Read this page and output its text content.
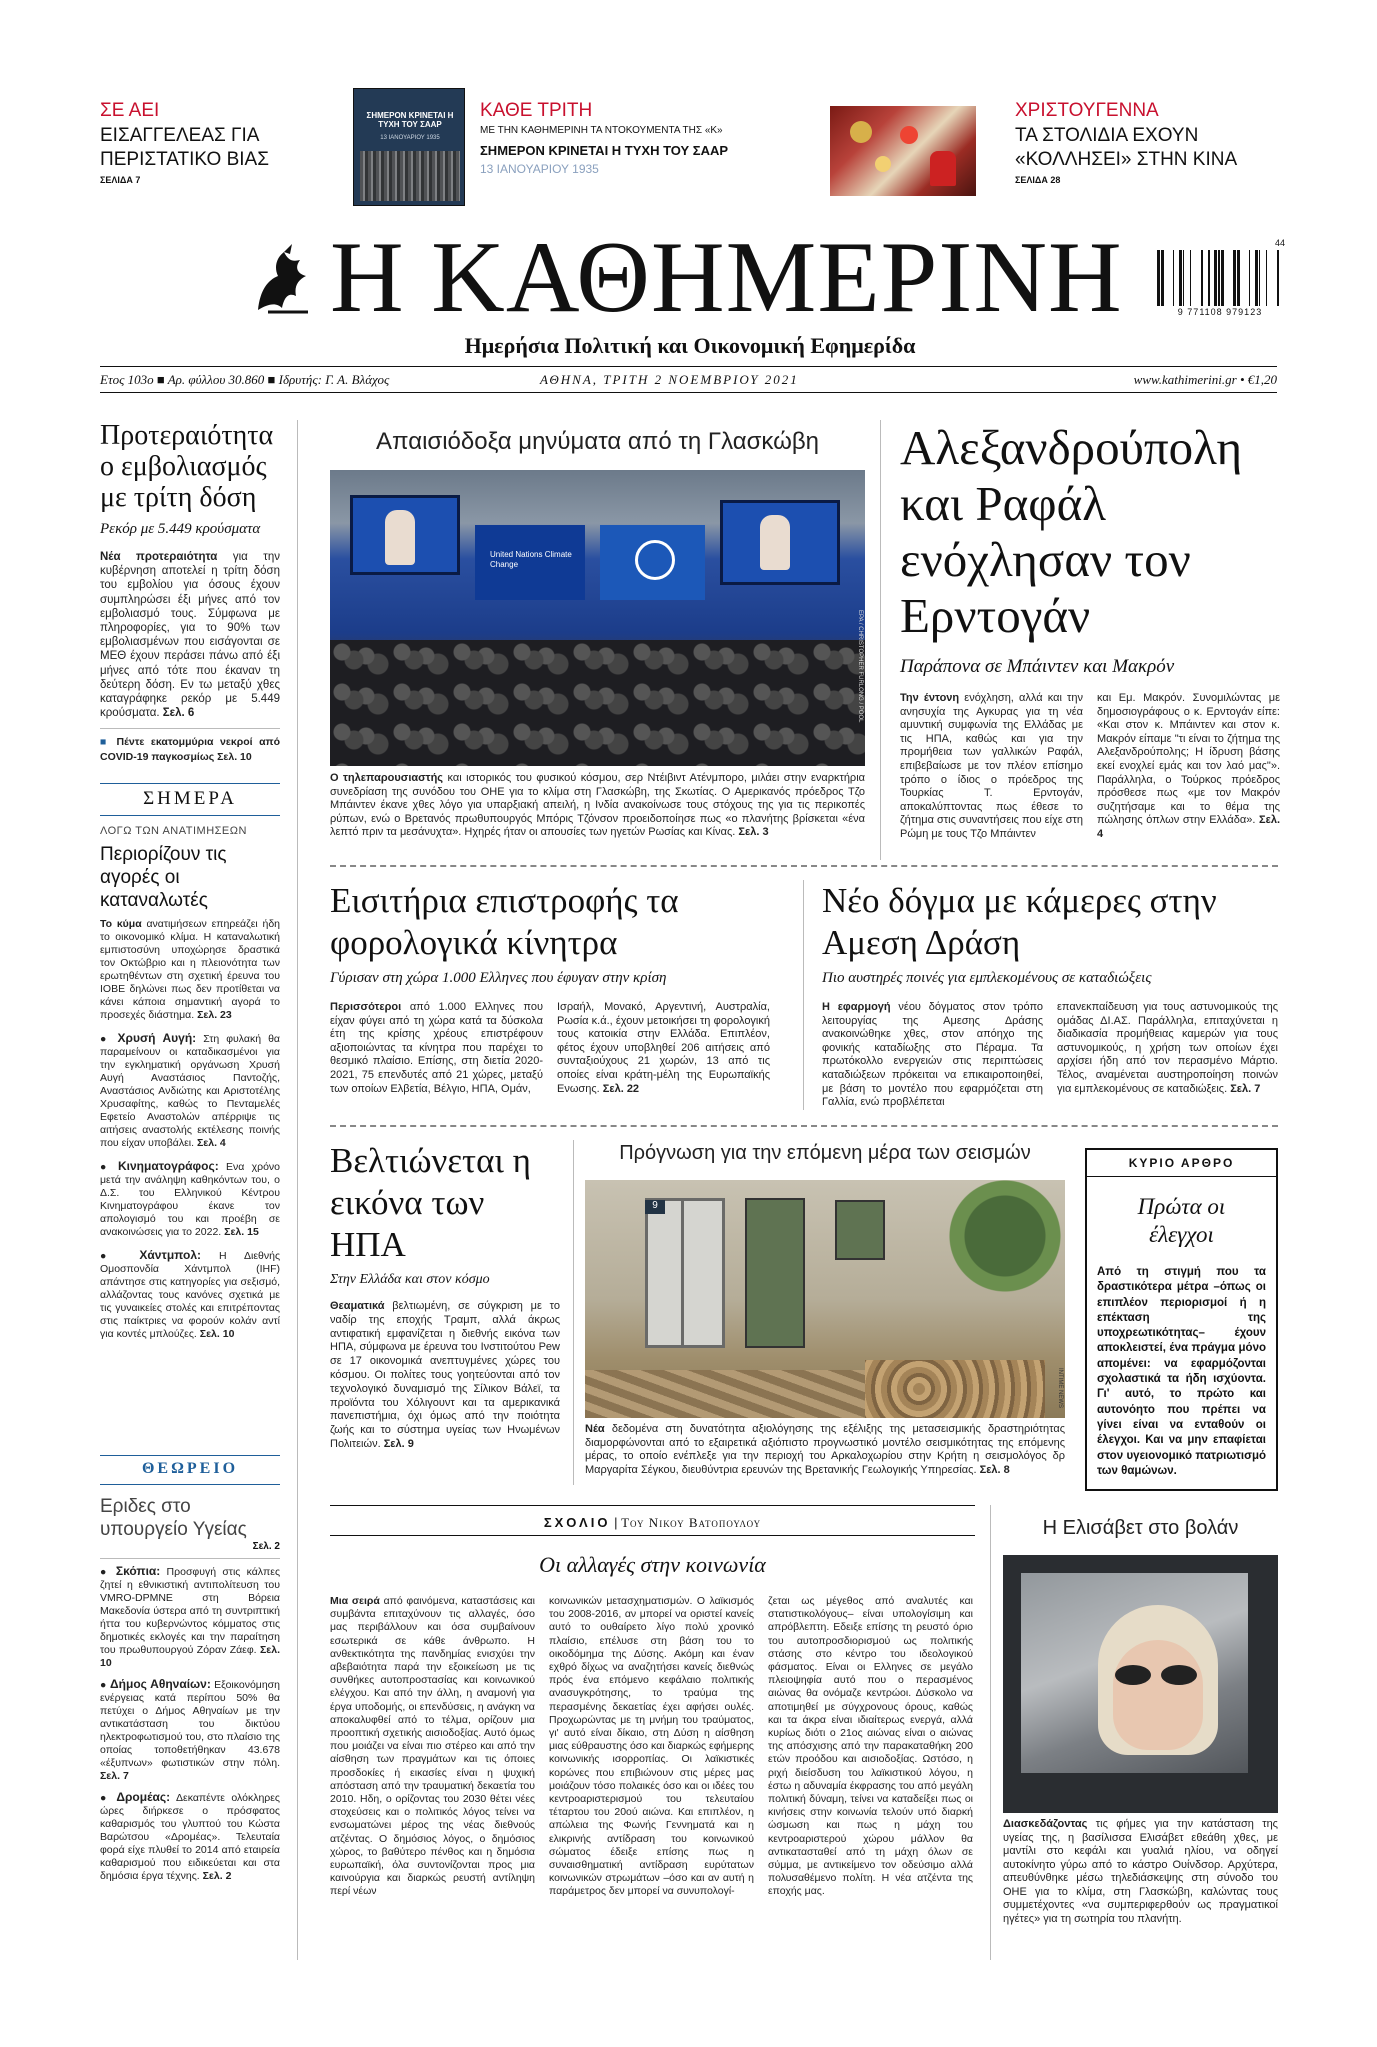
ΣΕ ΑΕΙ
ΕΙΣΑΓΓΕΛΕΑΣ ΓΙΑ ΠΕΡΙΣΤΑΤΙΚΟ ΒΙΑΣ
ΣΕΛΙΔΑ 7
ΣΗΜΕΡΟΝ ΚΡΙΝΕΤΑΙ Η ΤΥΧΗ ΤΟΥ ΣΑΑΡ
13 ΙΑΝΟΥΑΡΙΟΥ 1935
ΚΑΘΕ ΤΡΙΤΗ
ΜΕ ΤΗΝ ΚΑΘΗΜΕΡΙΝΗ ΤΑ ΝΤΟΚΟΥΜΕΝΤΑ ΤΗΣ «Κ»
ΣΗΜΕΡΟΝ ΚΡΙΝΕΤΑΙ Η ΤΥΧΗ ΤΟΥ ΣΑΑΡ
13 ΙΑΝΟΥΑΡΙΟΥ 1935
ΧΡΙΣΤΟΥΓΕΝΝΑ
ΤΑ ΣΤΟΛΙΔΙΑ ΕΧΟΥΝ «ΚΟΛΛΗΣΕΙ» ΣΤΗΝ ΚΙΝΑ
ΣΕΛΙΔΑ 28
Η ΚΑΘΗΜΕΡΙΝΗ	44
9 771108 979123
Ημερήσια Πολιτική και Οικονομική Εφημερίδα
Ετος 103ο ■ Αρ. φύλλου 30.860 ■ Ιδρυτής: Γ. Α. Βλάχος	ΑΘΗΝΑ, ΤΡΙΤΗ 2 ΝΟΕΜΒΡΙΟΥ 2021	www.kathimerini.gr • €1,20
Προτεραιότητα ο εμβολιασμός με τρίτη δόση
Ρεκόρ με 5.449 κρούσματα
Νέα προτεραιότητα για την κυβέρνηση αποτελεί η τρίτη δόση του εμβολίου για όσους έχουν συμπληρώσει έξι μήνες από τον εμβολιασμό τους. Σύμφωνα με πληροφορίες, για το 90% των εμβολιασμένων που εισάγονται σε ΜΕΘ έχουν περάσει πάνω από έξι μήνες από τότε που έκαναν τη δεύτερη δόση. Εν τω μεταξύ χθες καταγράφηκε ρεκόρ με 5.449 κρούσματα. Σελ. 6
■ Πέντε εκατομμύρια νεκροί από COVID-19 παγκοσμίως Σελ. 10
ΣΗΜΕΡΑ
ΛΟΓΩ ΤΩΝ ΑΝΑΤΙΜΗΣΕΩΝ
Περιορίζουν τις αγορές οι καταναλωτές
Το κύμα ανατιμήσεων επηρεάζει ήδη το οικονομικό κλίμα. Η καταναλωτική εμπιστοσύνη υποχώρησε δραστικά τον Οκτώβριο και η πλειονότητα των ερωτηθέντων στη σχετική έρευνα του ΙΟΒΕ δηλώνει πως δεν προτίθεται να κάνει κάποια σημαντική αγορά το προσεχές διάστημα. Σελ. 23
● Χρυσή Αυγή: Στη φυλακή θα παραμείνουν οι καταδικασμένοι για την εγκληματική οργάνωση Χρυσή Αυγή Αναστάσιος Παντοζής, Αναστάσιος Ανδιώτης και Αριστοτέλης Χρυσαφίτης, καθώς το Πενταμελές Εφετείο Αναστολών απέρριψε τις αιτήσεις αναστολής εκτέλεσης ποινής που είχαν υποβάλει. Σελ. 4
● Κινηματογράφος: Ενα χρόνο μετά την ανάληψη καθηκόντων του, ο Δ.Σ. του Ελληνικού Κέντρου Κινηματογράφου έκανε τον απολογισμό του και προέβη σε ανακοινώσεις για το 2022. Σελ. 15
● Χάντμπολ: Η Διεθνής Ομοσπονδία Χάντμπολ (IHF) απάντησε στις κατηγορίες για σεξισμό, αλλάζοντας τους κανόνες σχετικά με τις γυναικείες στολές και επιτρέποντας στις παίκτριες να φορούν κολάν αντί για κοντές μπλούζες. Σελ. 10
ΘΕΩΡΕΙΟ
Εριδες στο υπουργείο Υγείας
Σελ. 2
● Σκόπια: Προσφυγή στις κάλπες ζητεί η εθνικιστική αντιπολίτευση του VMRO-DPMNE στη Βόρεια Μακεδονία ύστερα από τη συντριπτική ήττα του κυβερνώντος κόμματος στις δημοτικές εκλογές και την παραίτηση του πρωθυπουργού Ζόραν Ζάεφ. Σελ. 10
● Δήμος Αθηναίων: Εξοικονόμηση ενέργειας κατά περίπου 50% θα πετύχει ο Δήμος Αθηναίων με την αντικατάσταση του δικτύου ηλεκτροφωτισμού του, στο πλαίσιο της οποίας τοποθετήθηκαν 43.678 «έξυπνων» φωτιστικών στην πόλη. Σελ. 7
● Δρομέας: Δεκαπέντε ολόκληρες ώρες διήρκεσε ο πρόσφατος καθαρισμός του γλυπτού του Κώστα Βαρώτσου «Δρομέας». Τελευταία φορά είχε πλυθεί το 2014 από εταιρεία καθαρισμού που ειδικεύεται και στα δημόσια έργα τέχνης. Σελ. 2
Απαισιόδοξα μηνύματα από τη Γλασκώβη
United Nations Climate Change
EPA / CHRISTOPHER FURLONG / POOL
Ο τηλεπαρουσιαστής και ιστορικός του φυσικού κόσμου, σερ Ντέιβιντ Ατένμπορο, μιλάει στην εναρκτήρια συνεδρίαση της συνόδου του ΟΗΕ για το κλίμα στη Γλασκώβη, της Σκωτίας. Ο Αμερικανός πρόεδρος Τζο Μπάιντεν έκανε χθες λόγο για υπαρξιακή απειλή, η Ινδία ανακοίνωσε τους στόχους της για τις περικοπές ρύπων, ενώ ο Βρετανός πρωθυπουργός Μπόρις Τζόνσον προειδοποίησε πως «ο πλανήτης βρίσκεται «ένα λεπτό πριν τα μεσάνυχτα». Ηχηρές ήταν οι απουσίες των ηγετών Ρωσίας και Κίνας. Σελ. 3
Αλεξανδρούπολη και Ραφάλ ενόχλησαν τον Ερντογάν
Παράπονα σε Μπάιντεν και Μακρόν
Την έντονη ενόχληση, αλλά και την ανησυχία της Αγκυρας για τη νέα αμυντική συμφωνία της Ελλάδας με τις ΗΠΑ, καθώς και για την προμήθεια των γαλλικών Ραφάλ, επιβεβαίωσε με τον πλέον επίσημο τρόπο ο ίδιος ο πρόεδρος της Τουρκίας Τ. Ερντογάν, αποκαλύπτοντας πως έθεσε το ζήτημα στις συναντήσεις που είχε στη Ρώμη με τους Τζο Μπάιντεν
και Εμ. Μακρόν. Συνομιλώντας με δημοσιογράφους ο κ. Ερντογάν είπε: «Και στον κ. Μπάιντεν και στον κ. Μακρόν είπαμε "τι είναι το ζήτημα της Αλεξανδρούπολης; Η ίδρυση βάσης εκεί ενοχλεί εμάς και τον λαό μας"». Παράλληλα, ο Τούρκος πρόεδρος πρόσθεσε πως «με τον Μακρόν συζητήσαμε και το θέμα της πώλησης όπλων στην Ελλάδα». Σελ. 4
Εισιτήρια επιστροφής τα φορολογικά κίνητρα
Γύρισαν στη χώρα 1.000 Ελληνες που έφυγαν στην κρίση
Περισσότεροι από 1.000 Ελληνες που είχαν φύγει από τη χώρα κατά τα δύσκολα έτη της κρίσης χρέους επιστρέφουν αξιοποιώντας τα κίνητρα που παρέχει το θεσμικό πλαίσιο. Επίσης, στη διετία 2020-2021, 75 επενδυτές από 21 χώρες, μεταξύ των οποίων Ελβετία, Βέλγιο, ΗΠΑ, Ομάν,
Ισραήλ, Μονακό, Αργεντινή, Αυστραλία, Ρωσία κ.ά., έχουν μετοικήσει τη φορολογική τους κατοικία στην Ελλάδα. Επιπλέον, φέτος έχουν υποβληθεί 206 αιτήσεις από συνταξιούχους 21 χωρών, 13 από τις οποίες είναι κράτη-μέλη της Ευρωπαϊκής Ενωσης. Σελ. 22
Νέο δόγμα με κάμερες στην Αμεση Δράση
Πιο αυστηρές ποινές για εμπλεκομένους σε καταδιώξεις
Η εφαρμογή νέου δόγματος στον τρόπο λειτουργίας της Αμεσης Δράσης ανακοινώθηκε χθες, στον απόηχο της φονικής καταδίωξης στο Πέραμα. Τα πρωτόκολλο ενεργειών στις περιπτώσεις καταδιώξεων πρόκειται να επικαιροποιηθεί, με βάση το μοντέλο που εφαρμόζεται στη Γαλλία, ενώ προβλέπεται
επανεκπαίδευση για τους αστυνομικούς της ομάδας ΔΙ.ΑΣ. Παράλληλα, επιταχύνεται η διαδικασία προμήθειας καμερών για τους αστυνομικούς, η χρήση των οποίων έχει αρχίσει ήδη από τον περασμένο Μάρτιο. Τέλος, αναμένεται αυστηροποίηση ποινών για εμπλεκομένους σε καταδιώξεις. Σελ. 7
Βελτιώνεται η εικόνα των ΗΠΑ
Στην Ελλάδα και στον κόσμο
Θεαματικά βελτιωμένη, σε σύγκριση με το ναδίρ της εποχής Τραμπ, αλλά άκρως αντιφατική εμφανίζεται η διεθνής εικόνα των ΗΠΑ, σύμφωνα με έρευνα του Ινστιτούτου Pew σε 17 οικονομικά ανεπτυγμένες χώρες του κόσμου. Οι πολίτες τους γοητεύονται από τον τεχνολογικό δυναμισμό της Σίλικον Βάλεϊ, τα προϊόντα του Χόλιγουντ και τα αμερικανικά πανεπιστήμια, όχι όμως από την ποιότητα ζωής και το σύστημα υγείας των Ηνωμένων Πολιτειών. Σελ. 9
Πρόγνωση για την επόμενη μέρα των σεισμών
9
INTIME NEWS
Νέα δεδομένα στη δυνατότητα αξιολόγησης της εξέλιξης της μετασεισμικής δραστηριότητας διαμορφώνονται από το εξαιρετικά αξιόπιστο προγνωστικό μοντέλο σεισμικότητας της επόμενης μέρας, το οποίο ενέπλεξε για την περιοχή του Αρκαλοχωρίου στην Κρήτη η σεισμολόγος δρ Μαργαρίτα Σέγκου, διευθύντρια ερευνών της Βρετανικής Γεωλογικής Υπηρεσίας. Σελ. 8
ΚΥΡΙΟ ΑΡΘΡΟ
Πρώτα οι έλεγχοι
Από τη στιγμή που τα δραστικότερα μέτρα –όπως οι επιπλέον περιορισμοί ή η επέκταση της υποχρεωτικότητας– έχουν αποκλειστεί, ένα πράγμα μόνο απομένει: να εφαρμόζονται σχολαστικά τα ήδη ισχύοντα. Γι' αυτό, το πρώτο και αυτονόητο που πρέπει να γίνει είναι να ενταθούν οι έλεγχοι. Και να μην επαφίεται στον υγειονομικό πατριωτισμό των θαμώνων.
ΣΧΟΛΙΟ | Του Νικου Βατοπουλου
Οι αλλαγές στην κοινωνία
Μια σειρά από φαινόμενα, καταστάσεις και συμβάντα επιταχύνουν τις αλλαγές, όσο μας περιβάλλουν και όσα συμβαίνουν εσωτερικά σε κάθε άνθρωπο. Η ανθεκτικότητα της πανδημίας ενισχύει την αβεβαιότητα παρά την εξοικείωση με τις συνθήκες αυτοπροστασίας και κοινωνικού ελέγχου. Και από την άλλη, η αναμονή για έργα υποδομής, οι επενδύσεις, η ανάγκη να αποκαλυφθεί από το τέλμα, ορίζουν μια προοπτική σχετικής αισιοδοξίας. Αυτό όμως που μοιάζει να είναι πιο στέρεο και από την αίσθηση των πραγμάτων και τις όποιες προσδοκίες ή εικασίες είναι η ψυχική απόσταση από την τραυματική δεκαετία του 2010. Ηδη, ο ορίζοντας του 2030 θέτει νέες στοχεύσεις και ο πολιτικός λόγος τείνει να ενσωματώνει μέρος της νέας διεθνούς ατζέντας. Ο δημόσιος λόγος, ο δημόσιος χώρος, το βαθύτερο πένθος και η δημόσια ευρωπαϊκή, όλα συντονίζονται προς μια καινούργια και διαρκώς ρευστή αντίληψη περί νέων
κοινωνικών μετασχηματισμών. Ο λαϊκισμός του 2008-2016, αν μπορεί να οριστεί κανείς αυτό το ουθαίρετο λίγο πολύ χρονικό πλαίσιο, επέλυσε στη βάση του το οικοδόμημα της Δύσης. Ακόμη και έναν εχθρό δίχως να αναζητήσει κανείς διεθνώς πρός ένα επόμενο κεφάλαιο πολιτικής ανασυγκρότησης, το τραύμα της περασμένης δεκαετίας έχει αφήσει ουλές. Προχωρώντας με τη μνήμη του τραύματος, γι' αυτό είναι δίκαιο, στη Δύση η αίσθηση μιας εύθραυστης όσο και διαρκώς εφήμερης κοινωνικής ισορροπίας. Οι λαϊκιστικές κορώνες που επιβιώνουν στις μέρες μας μοιάζουν τόσο πολαικές όσο και οι ιδέες του κεντροαριστερισμού του τελευταίου τέταρτου του 20ού αιώνα. Και επιπλέον, η απώλεια της Φωνής Γεννηματά και η ελικρινής αντίδραση του κοινωνικού σώματος έδειξε επίσης πως η συναισθηματική αντίδραση ευρύτατων κοινωνικών στρωμάτων –όσο και αν αυτή η παράμετρος δεν μπορεί να συνυπολογί-
ζεται ως μέγεθος από αναλυτές και στατιστικολόγους– είναι υπολογίσιμη και απρόβλεπτη. Εδειξε επίσης τη ρευστό όριο του αυτοπροσδιορισμού ως πολιτικής στάσης στο κέντρο του ιδεολογικού φάσματος. Είναι οι Ελληνες σε μεγάλο πλειοψηφία αυτό που ο περασμένος αιώνας θα ονόμαζε κεντρώοι. Δύσκολο να αποτιμηθεί με σύγχρονους όρους, καθώς και τα άκρα είναι ιδιαίτερως ενεργά, αλλά κυρίως διότι ο 21ος αιώνας είναι ο αιώνας της απόσχισης από την παρακαταθήκη 200 ετών προόδου και αισιοδοξίας. Ωστόσο, η ριχή διείσδυση του λαϊκιστικού λόγου, η έστω η αδυναμία έκφρασης του από μεγάλη πολιτική δύναμη, τείνει να καταδείξει πως οι κινήσεις στην κοινωνία τελούν υπό διαρκή ώσμωση και πως η μάχη του κεντροαριστερού χώρου μάλλον θα αντικατασταθεί από τη μάχη όλων σε σύμμα, με αντικείμενο τον οδεύσιμο αλλά πολυσαθέμενο πολίτη. Η νέα ατζέντα της εποχής μας.
Η Ελισάβετ στο βολάν
Διασκεδάζοντας τις φήμες για την κατάσταση της υγείας της, η βασίλισσα Ελισάβετ εθεάθη χθες, με μαντίλι στο κεφάλι και γυαλιά ηλίου, να οδηγεί αυτοκίνητο γύρω από το κάστρο Ουίνδσορ. Αρχύτερα, απευθύνθηκε μέσω τηλεδιάσκεψης στη σύνοδο του ΟΗΕ για το κλίμα, στη Γλασκώβη, καλώντας τους συμμετέχοντες «να συμπεριφερθούν ως πραγματικοί ηγέτες» για τη σωτηρία του πλανήτη.
